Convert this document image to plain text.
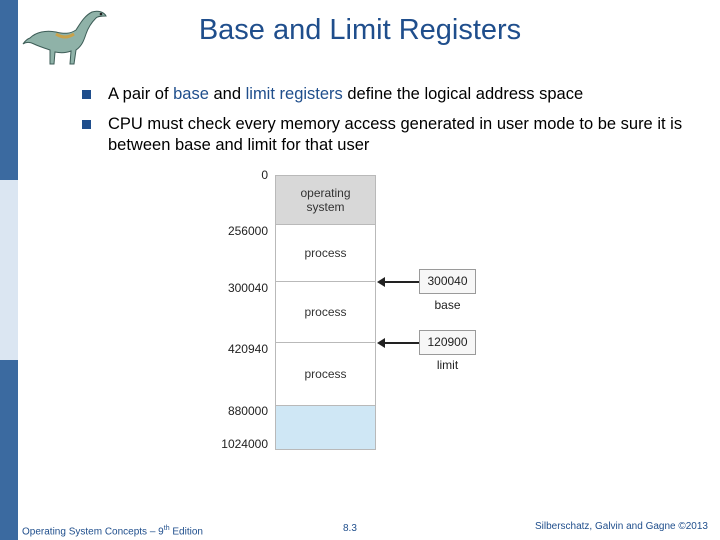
Base and Limit Registers
A pair of base and limit registers define the logical address space
CPU must check every memory access generated in user mode to be sure it is between base and limit for that user
0
256000
300040
420940
880000
1024000
operating system
process
process
process
300040
base
120900
limit
Operating System Concepts – 9th Edition	8.3	Silberschatz, Galvin and Gagne ©2013
